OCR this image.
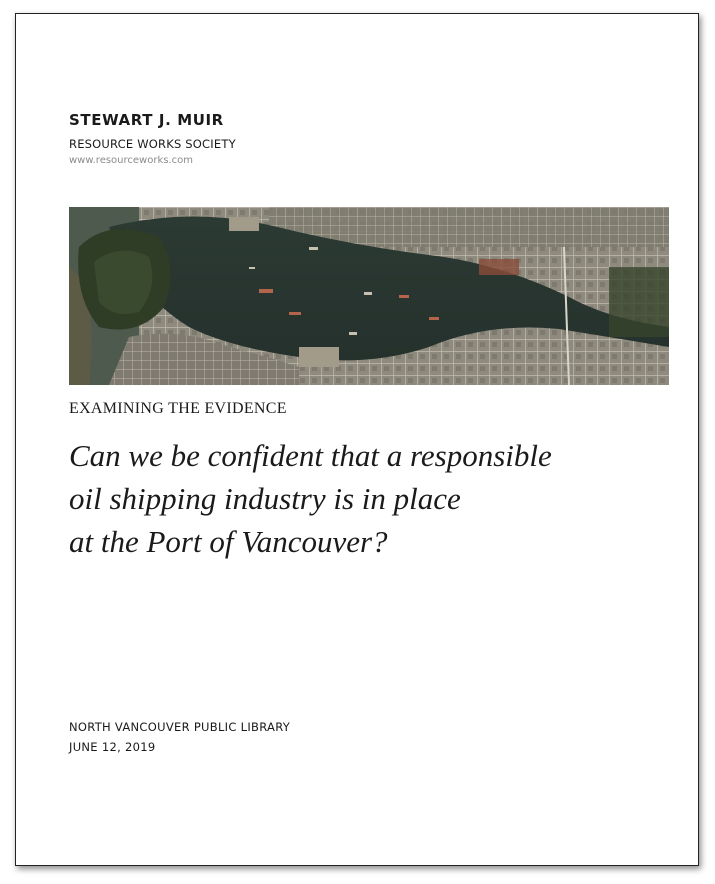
STEWART J. MUIR
RESOURCE WORKS SOCIETY
www.resourceworks.com
EXAMINING THE EVIDENCE
Can we be confident that a responsible
oil shipping industry is in place
at the Port of Vancouver?
NORTH VANCOUVER PUBLIC LIBRARY
JUNE 12, 2019
